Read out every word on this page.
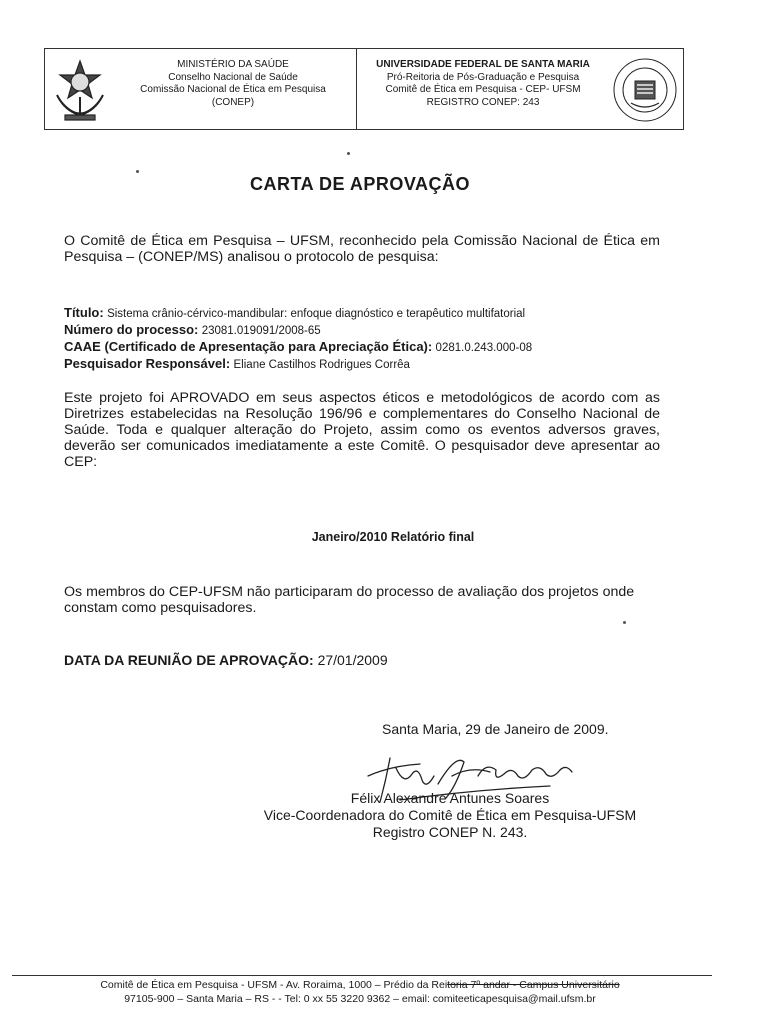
MINISTÉRIO DA SAÚDE
Conselho Nacional de Saúde
Comissão Nacional de Ética em Pesquisa
(CONEP)
UNIVERSIDADE FEDERAL DE SANTA MARIA
Pró-Reitoria de Pós-Graduação e Pesquisa
Comitê de Ética em Pesquisa - CEP- UFSM
REGISTRO CONEP: 243
CARTA DE APROVAÇÃO
O Comitê de Ética em Pesquisa – UFSM, reconhecido pela Comissão Nacional de Ética em Pesquisa – (CONEP/MS) analisou o protocolo de pesquisa:
Título: Sistema crânio-cérvico-mandibular: enfoque diagnóstico e terapêutico multifatorial
Número do processo: 23081.019091/2008-65
CAAE (Certificado de Apresentação para Apreciação Ética): 0281.0.243.000-08
Pesquisador Responsável: Eliane Castilhos Rodrigues Corrêa
Este projeto foi APROVADO em seus aspectos éticos e metodológicos de acordo com as Diretrizes estabelecidas na Resolução 196/96 e complementares do Conselho Nacional de Saúde. Toda e qualquer alteração do Projeto, assim como os eventos adversos graves, deverão ser comunicados imediatamente a este Comitê. O pesquisador deve apresentar ao CEP:
Janeiro/2010 Relatório final
Os membros do CEP-UFSM não participaram do processo de avaliação dos projetos onde constam como pesquisadores.
DATA DA REUNIÃO DE APROVAÇÃO: 27/01/2009
Santa Maria, 29 de Janeiro de 2009.
Félix Alexandre Antunes Soares
Vice-Coordenadora do Comitê de Ética em Pesquisa-UFSM
Registro CONEP N. 243.
Comitê de Ética em Pesquisa - UFSM - Av. Roraima, 1000 – Prédio da Reitoria 7º andar - Campus Universitário
97105-900 – Santa Maria – RS - - Tel: 0 xx 55 3220 9362 – email: comiteeticapesquisa@mail.ufsm.br
